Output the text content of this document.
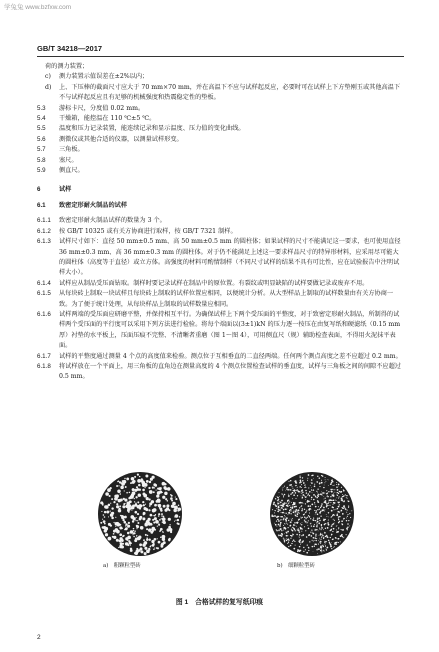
学兔兔 www.bzfxw.com
GB/T 34218—2017

荷的测力装置；

c)	测力装置示值误差在±2%以内；
d)	上、下压棒的截面尺寸应大于 70 mm×70 mm，并在高温下不应与试样起反应，必要时可在试样上下方垫刚玉或其他高温下不与试样起反应且有足够的机械强度和热震稳定性的垫板。
5.3	游标卡尺，分度值 0.02 mm。
5.4	干燥箱，能控温在 110 ℃±5 ℃。
5.5	温度和压力记录装置，能连续记录和显示温度、压力值的变化曲线。
5.6	测微仪或其他合适的仪器，以测量试样形变。
5.7	三角板。
5.8	塞尺。
5.9	侧直尺。
6	试样
6.1	致密定形耐火制品的试样
6.1.1	致密定形耐火制品试样的数量为 3 个。
6.1.2	按 GB/T 10325 或有关方协商进行取样，按 GB/T 7321 制样。
6.1.3	试样尺寸如下：直径 50 mm±0.5 mm、高 50 mm±0.5 mm 的圆柱体；如果试样的尺寸不能满足这一要求，也可使用直径 36 mm±0.3 mm、高 36 mm±0.3 mm 的圆柱体。对于仍不能满足上述这一要求样品尺寸的特异形材料，应采用尽可能大的圆柱体（高度等于直径）或立方体。高强度的材料可酌情制样（不同尺寸试样的结果不具有可比性，应在试验报告中注明试样大小）。
6.1.4	试样应从制品受压面钻取。制样时要记录试样在制品中的原位置。有裂纹或明显缺陷的试样要做记录或废弃不用。
6.1.5	从每块砖上制取一块试样且每块砖上制取的试样位置应相同，以便统计分析。从大型样品上制取的试样数量由有关方协商一致。为了便于统计处理，从每块样品上制取的试样数量应相同。
6.1.6	试样两端的受压面应研磨平整，并保持相互平行。为确保试样上下两个受压面的平整度，对于致密定形耐火制品，所制得的试样两个受压面的平行度可以采用下列方法进行检验。将每个端面以(3±1)kN 的压力逐一按压在由复写纸和硬滤纸（0.15 mm 厚）衬垫的水平板上，压面压痕不完整、不清晰者重磨（图 1～图 4），可用侧直尺（规）辅助检查表面，不得用火泥抹平表面。
6.1.7	试样的平整度通过测量 4 个点的高度值来检验。测点位于互相垂直的二直径两端。任何两个测点高度之差不应超过 0.2 mm。
6.1.8	将试样放在一个平面上，用三角板的直角边在测量高度的 4 个测点位置检查试样的垂直度，试样与三角板之间的间隙不应超过 0.5 mm。
a)　粗颗粒型砖	b)　细颗粒型砖
图 1　合格试样的复写纸印痕
2
